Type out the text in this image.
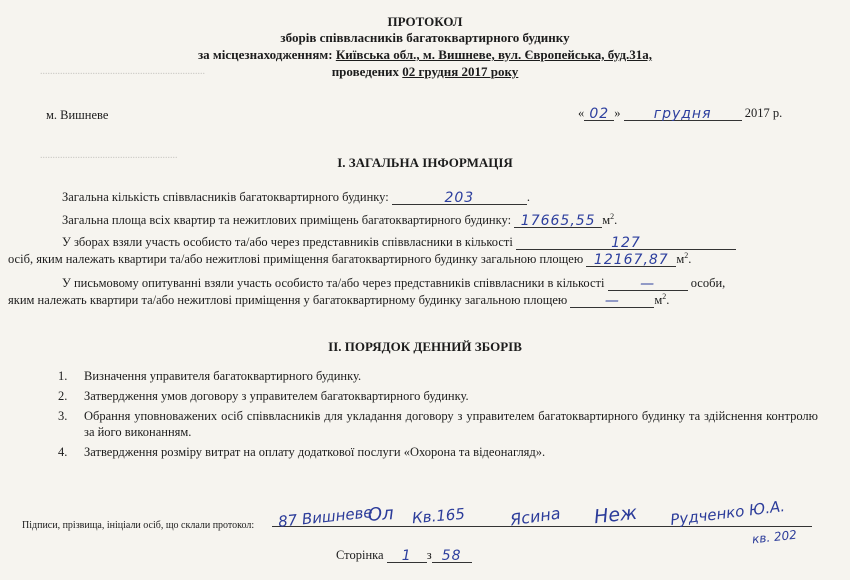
..................................................................
.......................................................
ПРОТОКОЛ
зборів співвласників багатоквартирного будинку
за місцезнаходженням: Київська обл., м. Вишневе, вул. Європейська, буд.31а,
проведених 02 грудня 2017 року
м. Вишневе	« 02 » грудня	2017 р.
І. ЗАГАЛЬНА ІНФОРМАЦІЯ
Загальна кількість співвласників багатоквартирного будинку:	203	.
Загальна площа всіх квартир та нежитлових приміщень багатоквартирного будинку: 17665,55 $м^2$.
У зборах взяли участь особисто та/або через представників співвласники в кількості	127
осіб, яким належать квартири та/або нежитлові приміщення багатоквартирного будинку загальною площею 12167,87 $м^2$.
У письмовому опитуванні взяли участь особисто та/або через представників співвласники в кількості	—	особи,
яким належать квартири та/або нежитлові приміщення у багатоквартирному будинку загальною площею	—	$м^2$.
ІІ. ПОРЯДОК ДЕННИЙ ЗБОРІВ
1. Визначення управителя багатоквартирного будинку.
2. Затвердження умов договору з управителем багатоквартирного будинку.
3. Обрання уповноважених осіб співвласників для укладання договору з управителем багатоквартирного будинку та здійснення контролю за його виконанням.
4. Затвердження розміру витрат на оплату додаткової послуги «Охорона та відеонагляд».
Підписи, прізвища, ініціали осіб, що склали протокол: 87 Вишневе
Ол Кв.165	Ясина Неж Рудченко Ю.А.
кв. 202
Сторінка 1 з 58
